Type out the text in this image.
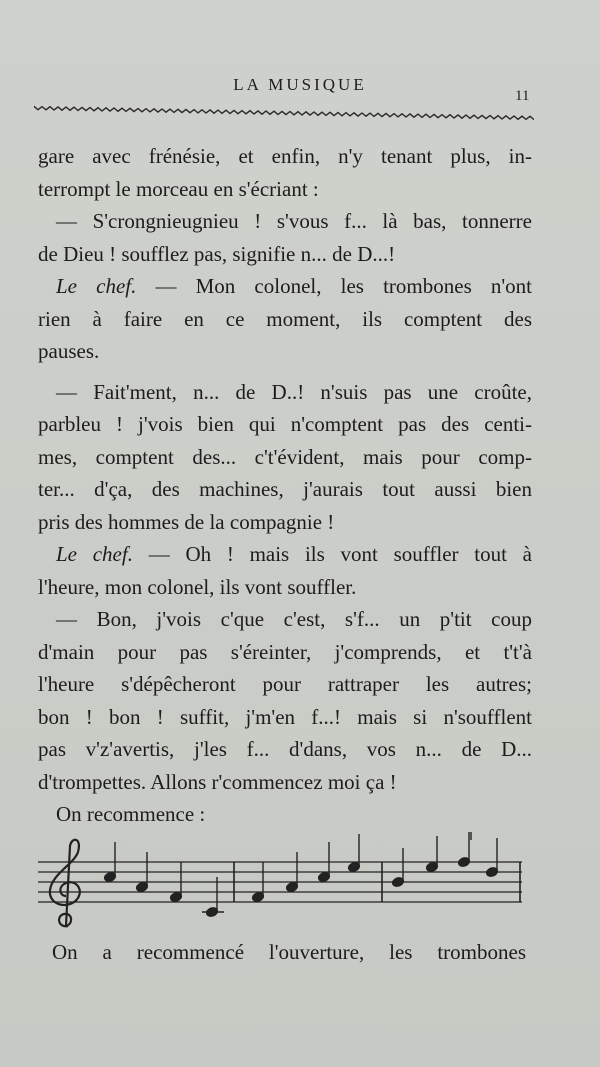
LA MUSIQUE
11
gare avec frénésie, et enfin, n'y tenant plus, in-
terrompt le morceau en s'écriant :
— S'crongnieugnieu ! s'vous f... là bas, tonnerre
de Dieu ! soufflez pas, signifie n... de D...!
Le chef. — Mon colonel, les trombones n'ont
rien à faire en ce moment, ils comptent des
pauses.
— Fait'ment, n... de D..! n'suis pas une croûte,
parbleu ! j'vois bien qui n'comptent pas des centi-
mes, comptent des... c't'évident, mais pour comp-
ter... d'ça, des machines, j'aurais tout aussi bien
pris des hommes de la compagnie !
Le chef. — Oh ! mais ils vont souffler tout à
l'heure, mon colonel, ils vont souffler.
— Bon, j'vois c'que c'est, s'f... un p'tit coup
d'main pour pas s'éreinter, j'comprends, et t't'à
l'heure s'dépêcheront pour rattraper les autres;
bon ! bon ! suffit, j'm'en f...! mais si n'soufflent
pas v'z'avertis, j'les f... d'dans, vos n... de D...
d'trompettes. Allons r'commencez moi ça !
On recommence :
On a recommencé l'ouverture, les trombones
